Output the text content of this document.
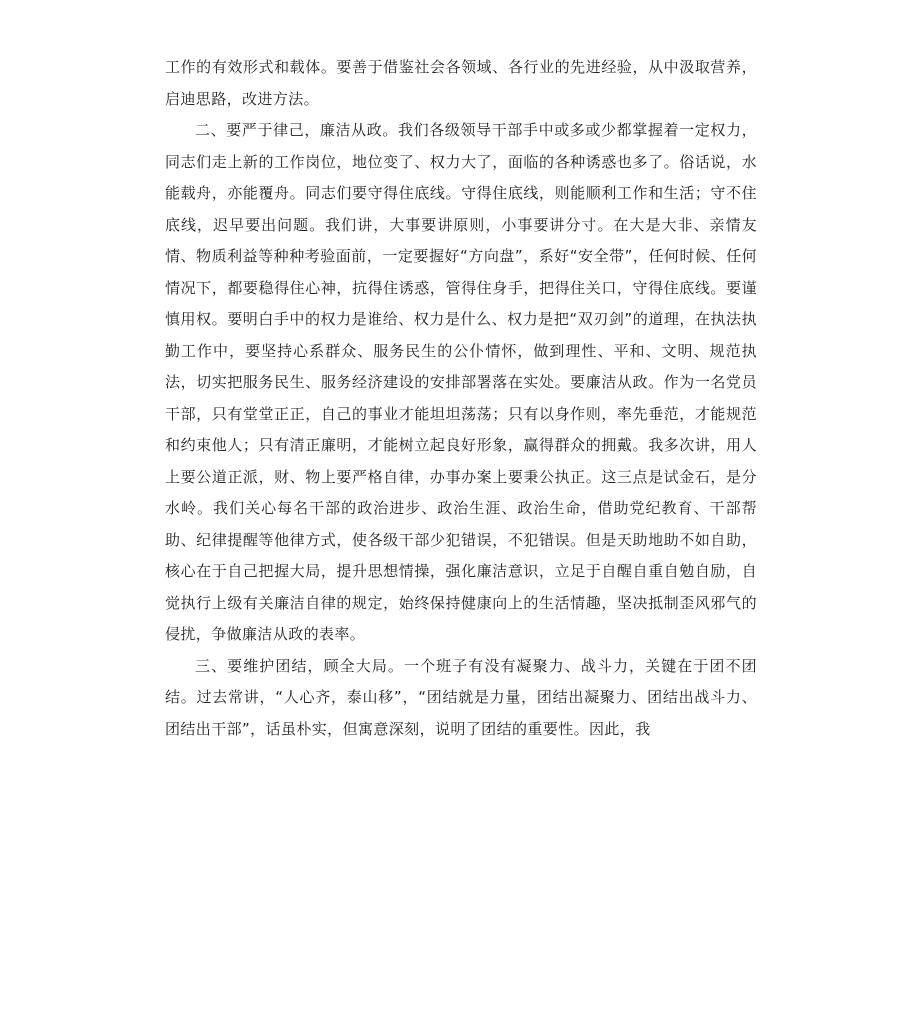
工作的有效形式和载体。要善于借鉴社会各领域、各行业的先进经验，从中汲取营养，启迪思路，改进方法。

二、要严于律己，廉洁从政。我们各级领导干部手中或多或少都掌握着一定权力，同志们走上新的工作岗位，地位变了、权力大了，面临的各种诱惑也多了。俗话说，水能载舟，亦能覆舟。同志们要守得住底线。守得住底线，则能顺利工作和生活；守不住底线，迟早要出问题。我们讲，大事要讲原则，小事要讲分寸。在大是大非、亲情友情、物质利益等种种考验面前，一定要握好“方向盘”，系好“安全带”，任何时候、任何情况下，都要稳得住心神，抗得住诱惑，管得住身手，把得住关口，守得住底线。要谨慎用权。要明白手中的权力是谁给、权力是什么、权力是把“双刃剑”的道理，在执法执勤工作中，要坚持心系群众、服务民生的公仆情怀，做到理性、平和、文明、规范执法，切实把服务民生、服务经济建设的安排部署落在实处。要廉洁从政。作为一名党员干部，只有堂堂正正，自己的事业才能坦坦荡荡；只有以身作则，率先垂范，才能规范和约束他人；只有清正廉明，才能树立起良好形象，赢得群众的拥戴。我多次讲，用人上要公道正派，财、物上要严格自律，办事办案上要秉公执正。这三点是试金石，是分水岭。我们关心每名干部的政治进步、政治生涯、政治生命，借助党纪教育、干部帮助、纪律提醒等他律方式，使各级干部少犯错误，不犯错误。但是天助地助不如自助，核心在于自己把握大局，提升思想情操，强化廉洁意识，立足于自醒自重自勉自励，自觉执行上级有关廉洁自律的规定，始终保持健康向上的生活情趣，坚决抵制歪风邪气的侵扰，争做廉洁从政的表率。

三、要维护团结，顾全大局。一个班子有没有凝聚力、战斗力，关键在于团不团结。过去常讲，“人心齐，泰山移”，“团结就是力量，团结出凝聚力、团结出战斗力、团结出干部”，话虽朴实，但寓意深刻，说明了团结的重要性。因此，我
